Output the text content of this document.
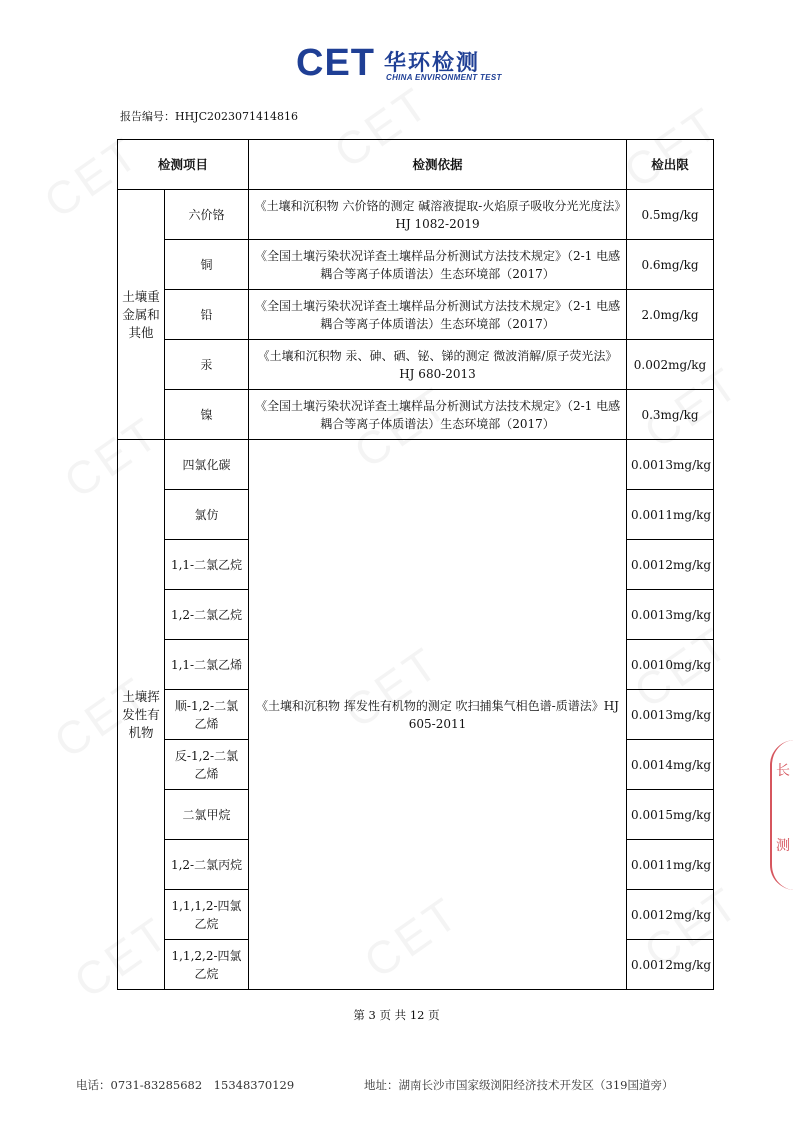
CET 华环检测
CHINA ENVIRONMENT TEST
报告编号：HHJC2023071414816
检测项目		检测依据	检出限
土壤重金属和其他	六价铬	《土壤和沉积物 六价铬的测定 碱溶液提取-火焰原子吸收分光光度法》HJ 1082-2019	0.5mg/kg
	铜	《全国土壤污染状况详查土壤样品分析测试方法技术规定》（2-1 电感耦合等离子体质谱法）生态环境部（2017）	0.6mg/kg
	铅	《全国土壤污染状况详查土壤样品分析测试方法技术规定》（2-1 电感耦合等离子体质谱法）生态环境部（2017）	2.0mg/kg
	汞	《土壤和沉积物 汞、砷、硒、铋、锑的测定 微波消解/原子荧光法》HJ 680-2013	0.002mg/kg
	镍	《全国土壤污染状况详查土壤样品分析测试方法技术规定》（2-1 电感耦合等离子体质谱法）生态环境部（2017）	0.3mg/kg
土壤挥发性有机物	四氯化碳	《土壤和沉积物 挥发性有机物的测定 吹扫捕集气相色谱-质谱法》HJ 605-2011	0.0013mg/kg
	氯仿		0.0011mg/kg
	1,1-二氯乙烷		0.0012mg/kg
	1,2-二氯乙烷		0.0013mg/kg
	1,1-二氯乙烯		0.0010mg/kg
	顺-1,2-二氯乙烯		0.0013mg/kg
	反-1,2-二氯乙烯		0.0014mg/kg
	二氯甲烷		0.0015mg/kg
	1,2-二氯丙烷		0.0011mg/kg
	1,1,1,2-四氯乙烷		0.0012mg/kg
	1,1,2,2-四氯乙烷		0.0012mg/kg
长
测
第 3 页 共 12 页
电话：0731-83285682　15348370129	地址：湖南长沙市国家级浏阳经济技术开发区（319国道旁）
